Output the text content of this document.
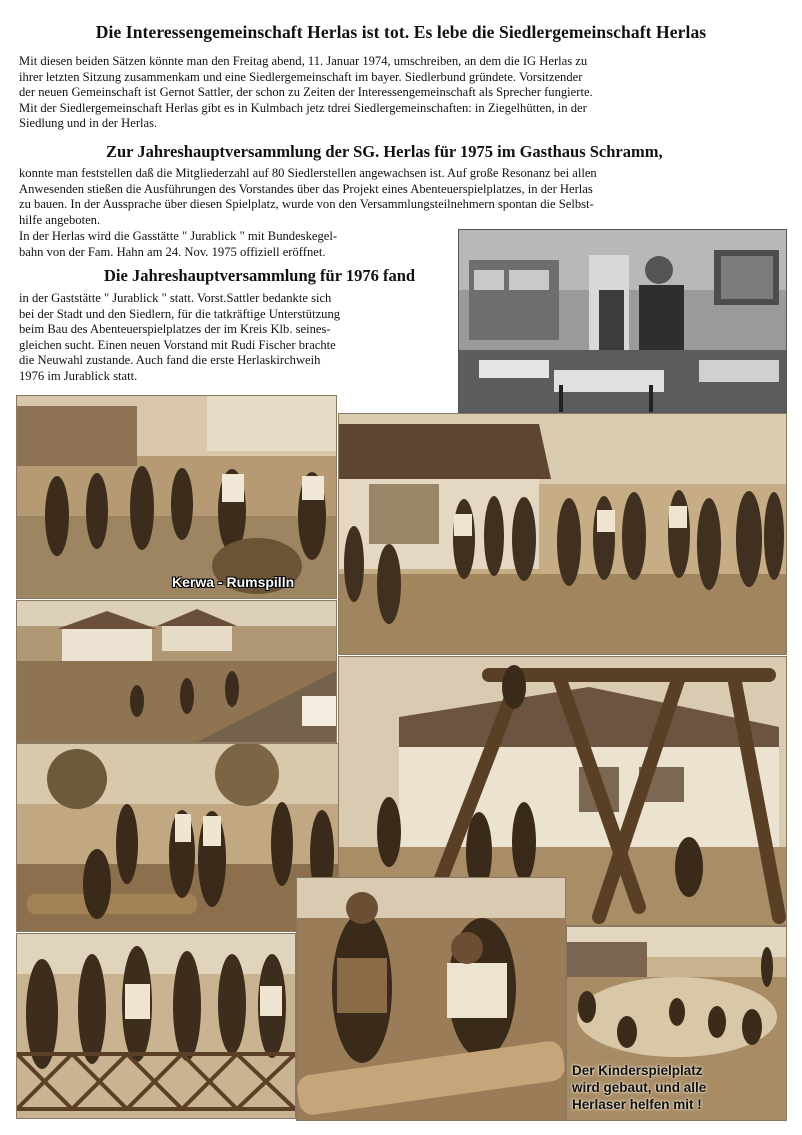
Die Interessengemeinschaft Herlas ist tot. Es lebe die Siedlergemeinschaft Herlas
Mit diesen beiden Sätzen könnte man den Freitag abend, 11. Januar 1974, umschreiben, an dem die IG Herlas zu
ihrer letzten Sitzung zusammenkam und eine Siedlergemeinschaft im bayer. Siedlerbund gründete. Vorsitzender
der neuen Gemeinschaft ist Gernot Sattler, der schon zu Zeiten der Interessengemeinschaft als Sprecher fungierte.
Mit der Siedlergemeinschaft Herlas gibt es in Kulmbach jetz tdrei Siedlergemeinschaften: in Ziegelhütten, in der
Siedlung und in der Herlas.
Zur Jahreshauptversammlung der SG. Herlas für 1975 im Gasthaus Schramm,
konnte man feststellen daß die Mitgliederzahl auf 80 Siedlerstellen angewachsen ist. Auf große Resonanz bei allen
Anwesenden stießen die Ausführungen des Vorstandes über das Projekt eines Abenteuerspielplatzes, in der Herlas
zu bauen. In der Aussprache über diesen Spielplatz, wurde von den Versammlungsteilnehmern spontan die Selbst-
hilfe angeboten.
In der Herlas wird die Gasstätte " Jurablick " mit Bundeskegel-
bahn von der Fam. Hahn am 24. Nov. 1975 offiziell eröffnet.
Die Jahreshauptversammlung für 1976 fand
in der Gaststätte " Jurablick " statt. Vorst.Sattler bedankte sich
bei der Stadt und den Siedlern, für die tatkräftige Unterstützung
beim Bau des Abenteuerspielplatzes der im Kreis Klb. seines-
gleichen sucht. Einen neuen Vorstand mit Rudi Fischer brachte
die Neuwahl zustande. Auch fand die erste Herlaskirchweih
1976 im Jurablick statt.
Kerwa - Rumspilln
Der Kinderspielplatz
wird gebaut, und alle
Herlaser helfen mit !
